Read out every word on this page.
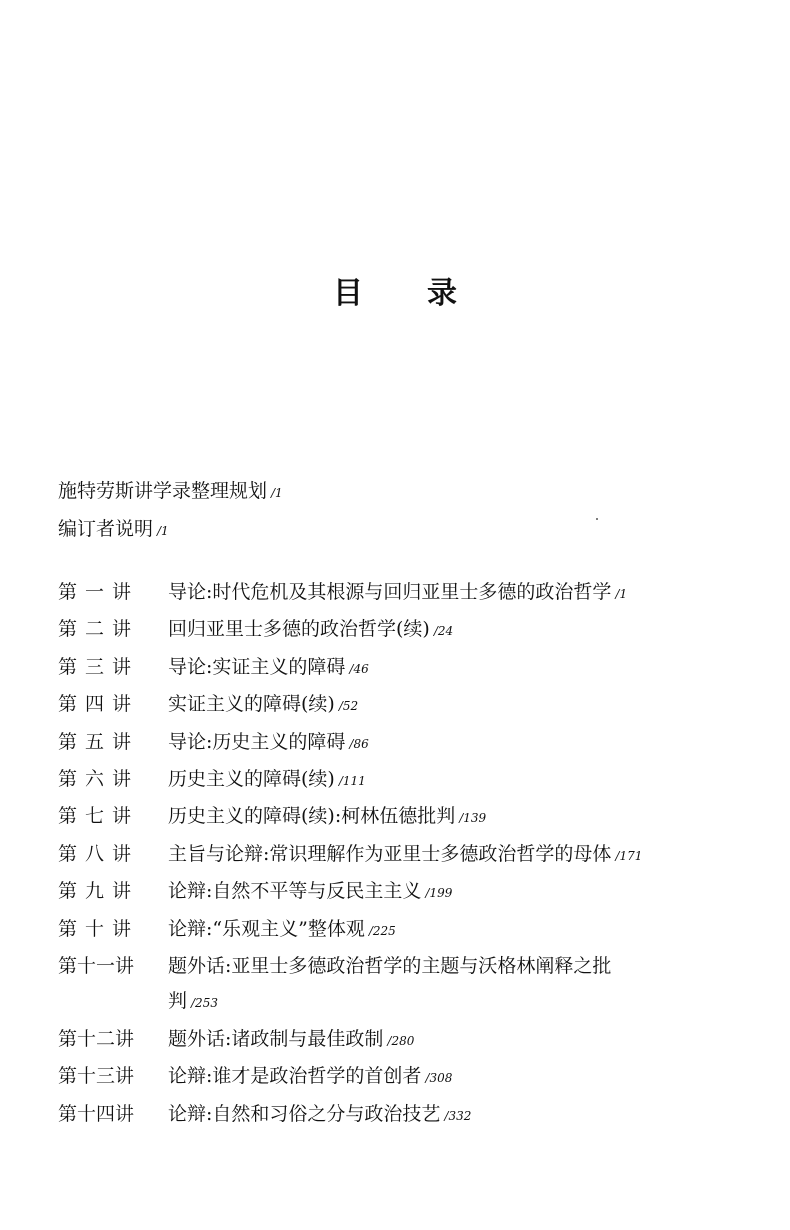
目 录
施特劳斯讲学录整理规划 /1
编订者说明 /1
第一讲	导论:时代危机及其根源与回归亚里士多德的政治哲学 /1
第二讲	回归亚里士多德的政治哲学(续) /24
第三讲	导论:实证主义的障碍 /46
第四讲	实证主义的障碍(续) /52
第五讲	导论:历史主义的障碍 /86
第六讲	历史主义的障碍(续) /111
第七讲	历史主义的障碍(续):柯林伍德批判 /139
第八讲	主旨与论辩:常识理解作为亚里士多德政治哲学的母体 /171
第九讲	论辩:自然不平等与反民主主义 /199
第十讲	论辩:“乐观主义”整体观 /225
第十一讲	题外话:亚里士多德政治哲学的主题与沃格林阐释之批判 /253
第十二讲	题外话:诸政制与最佳政制 /280
第十三讲	论辩:谁才是政治哲学的首创者 /308
第十四讲	论辩:自然和习俗之分与政治技艺 /332
